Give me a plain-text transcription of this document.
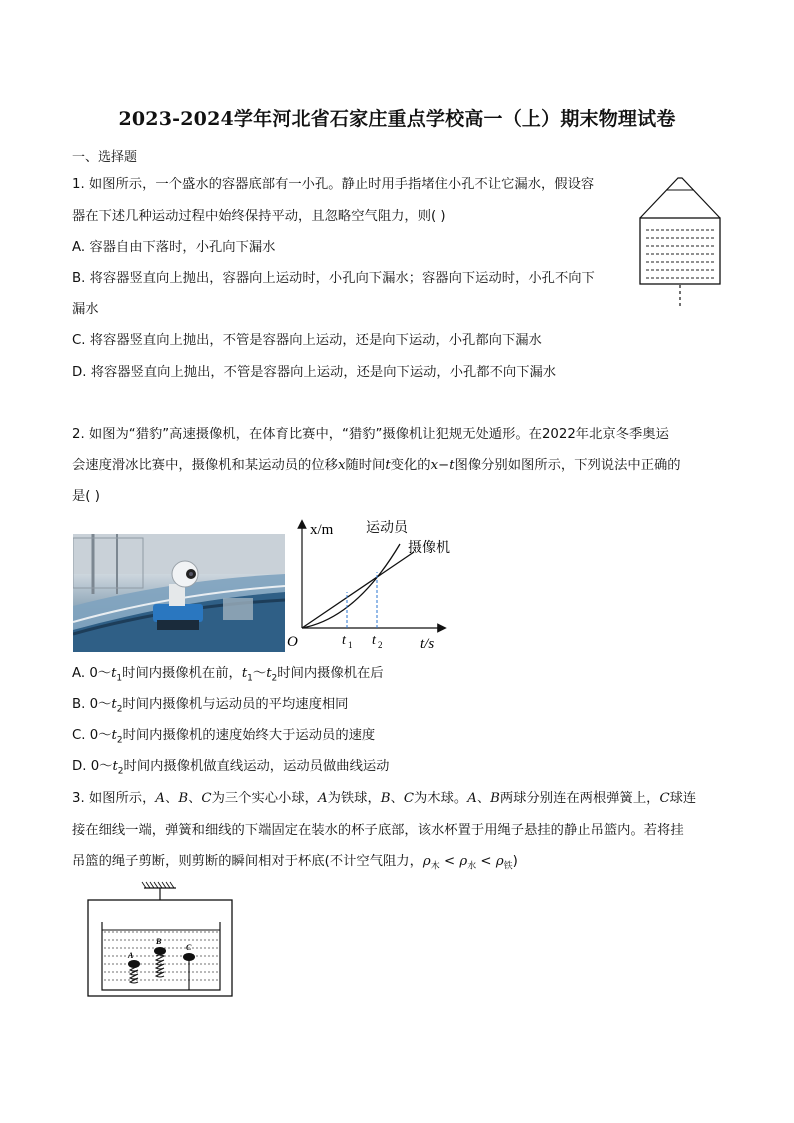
2023-2024学年河北省石家庄重点学校高一（上）期末物理试卷
一、选择题
1. 如图所示，一个盛水的容器底部有一小孔。静止时用手指堵住小孔不让它漏水，假设容
器在下述几种运动过程中始终保持平动，且忽略空气阻力，则( )
A. 容器自由下落时，小孔向下漏水
B. 将容器竖直向上抛出，容器向上运动时，小孔向下漏水；容器向下运动时，小孔不向下
漏水
C. 将容器竖直向上抛出，不管是容器向上运动，还是向下运动，小孔都向下漏水
D. 将容器竖直向上抛出，不管是容器向上运动，还是向下运动，小孔都不向下漏水
2. 如图为“猎豹”高速摄像机，在体育比赛中，“猎豹”摄像机让犯规无处遁形。在2022年北京冬季奥运
会速度滑冰比赛中，摄像机和某运动员的位移x随时间t变化的x−t图像分别如图所示，下列说法中正确的
是( )
x/m
t/s
O	t 1 t 2
运动员
摄像机
A. $0\sim t_1$时间内摄像机在前，$t_1\sim t_2$时间内摄像机在后
B. $0\sim t_2$时间内摄像机与运动员的平均速度相同
C. $0\sim t_2$时间内摄像机的速度始终大于运动员的速度
D. $0\sim t_2$时间内摄像机做直线运动，运动员做曲线运动
3. 如图所示，A、B、C为三个实心小球，A为铁球，B、C为木球。A、B两球分别连在两根弹簧上，C球连
接在细线一端，弹簧和细线的下端固定在装水的杯子底部，该水杯置于用绳子悬挂的静止吊篮内。若将挂
吊篮的绳子剪断，则剪断的瞬间相对于杯底(不计空气阻力，$\rho_木 < \rho_水 < \rho_铁$)
A
B
C
